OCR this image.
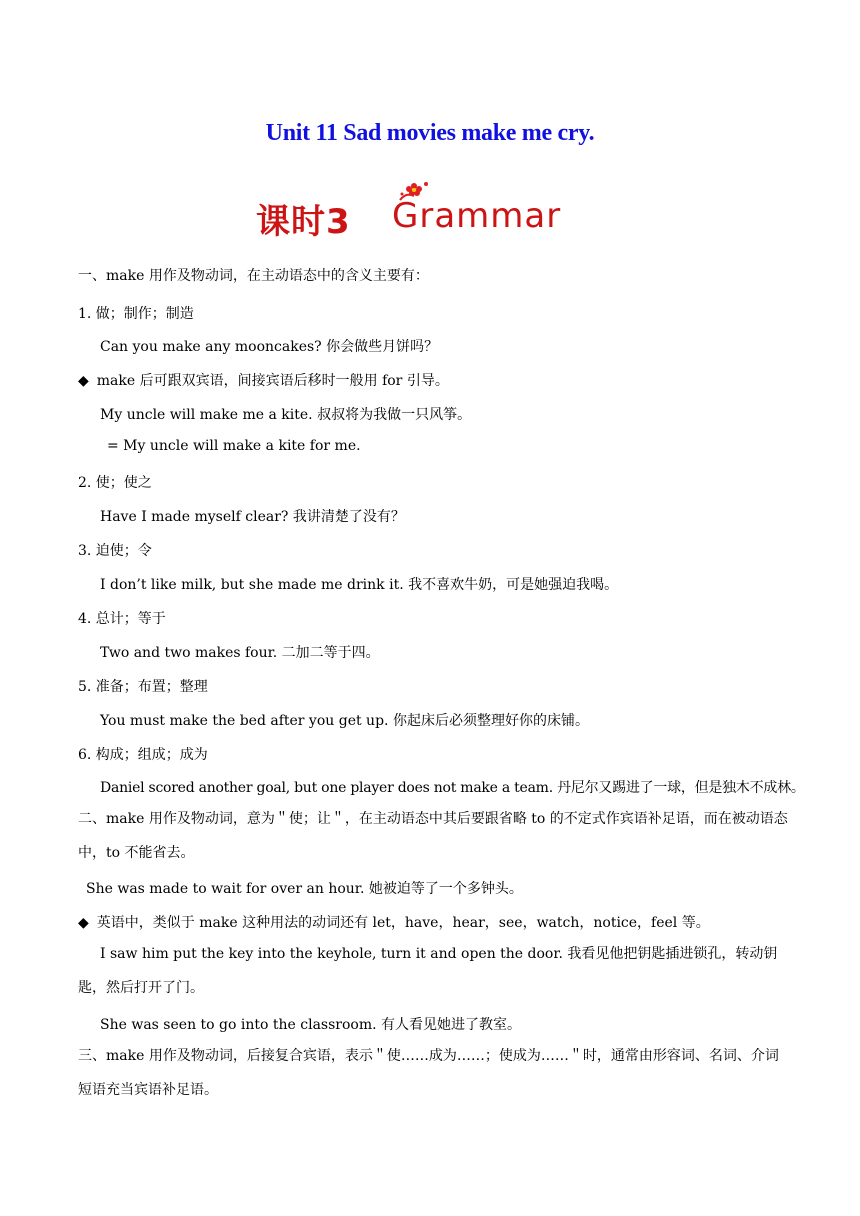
Unit 11 Sad movies make me cry.
课时3 Grammar
一、make 用作及物动词，在主动语态中的含义主要有：
1. 做；制作；制造
Can you make any mooncakes? 你会做些月饼吗？
◆ make 后可跟双宾语，间接宾语后移时一般用 for 引导。
My uncle will make me a kite. 叔叔将为我做一只风筝。
= My uncle will make a kite for me.
2. 使；使之
Have I made myself clear? 我讲清楚了没有？
3. 迫使；令
I don’t like milk, but she made me drink it. 我不喜欢牛奶，可是她强迫我喝。
4. 总计；等于
Two and two makes four. 二加二等于四。
5. 准备；布置；整理
You must make the bed after you get up. 你起床后必须整理好你的床铺。
6. 构成；组成；成为
Daniel scored another goal, but one player does not make a team. 丹尼尔又踢进了一球，但是独木不成林。
二、make 用作及物动词，意为＂使；让＂，在主动语态中其后要跟省略 to 的不定式作宾语补足语，而在被动语态中，to 不能省去。
She was made to wait for over an hour. 她被迫等了一个多钟头。
◆ 英语中，类似于 make 这种用法的动词还有 let，have，hear，see，watch，notice，feel 等。
I saw him put the key into the keyhole, turn it and open the door. 我看见他把钥匙插进锁孔，转动钥匙，然后打开了门。
She was seen to go into the classroom. 有人看见她进了教室。
三、make 用作及物动词，后接复合宾语，表示＂使……成为……；使成为……＂时，通常由形容词、名词、介词短语充当宾语补足语。
